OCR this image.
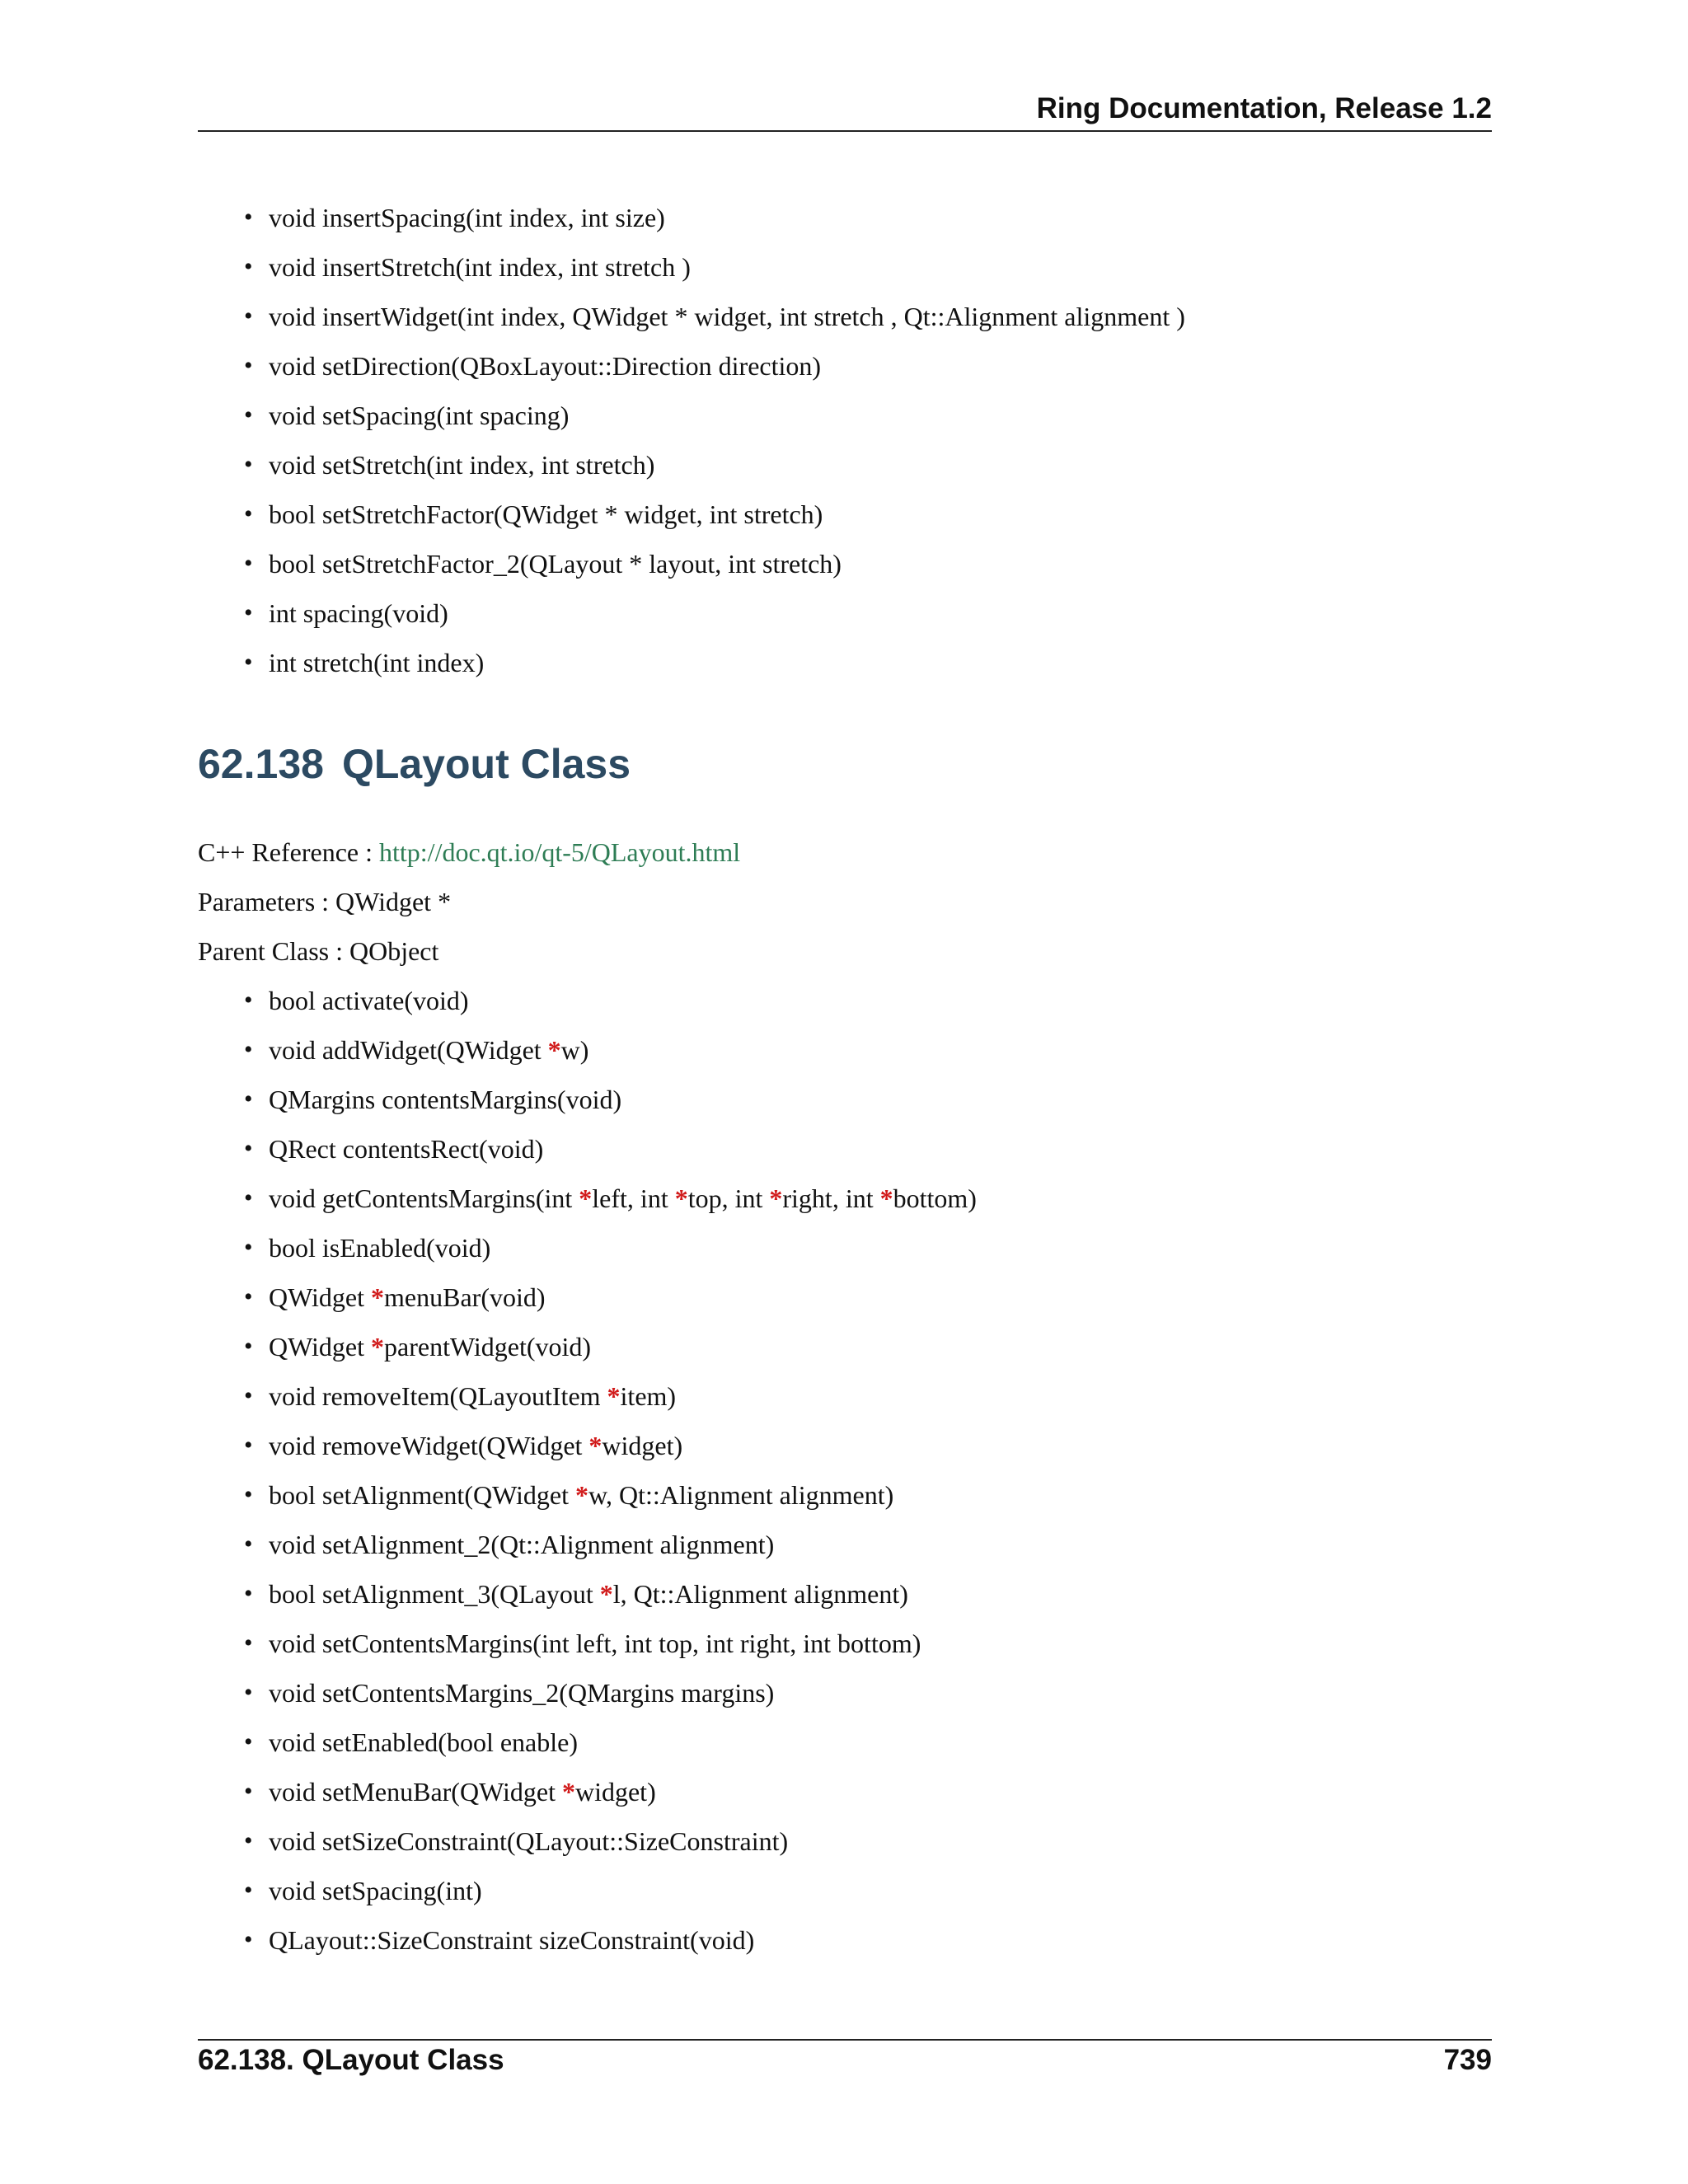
Ring Documentation, Release 1.2
• void insertSpacing(int index, int size)
• void insertStretch(int index, int stretch )
• void insertWidget(int index, QWidget * widget, int stretch , Qt::Alignment alignment )
• void setDirection(QBoxLayout::Direction direction)
• void setSpacing(int spacing)
• void setStretch(int index, int stretch)
• bool setStretchFactor(QWidget * widget, int stretch)
• bool setStretchFactor_2(QLayout * layout, int stretch)
• int spacing(void)
• int stretch(int index)
62.138 QLayout Class
C++ Reference : http://doc.qt.io/qt-5/QLayout.html
Parameters : QWidget *
Parent Class : QObject
• bool activate(void)
• void addWidget(QWidget *w)
• QMargins contentsMargins(void)
• QRect contentsRect(void)
• void getContentsMargins(int *left, int *top, int *right, int *bottom)
• bool isEnabled(void)
• QWidget *menuBar(void)
• QWidget *parentWidget(void)
• void removeItem(QLayoutItem *item)
• void removeWidget(QWidget *widget)
• bool setAlignment(QWidget *w, Qt::Alignment alignment)
• void setAlignment_2(Qt::Alignment alignment)
• bool setAlignment_3(QLayout *l, Qt::Alignment alignment)
• void setContentsMargins(int left, int top, int right, int bottom)
• void setContentsMargins_2(QMargins margins)
• void setEnabled(bool enable)
• void setMenuBar(QWidget *widget)
• void setSizeConstraint(QLayout::SizeConstraint)
• void setSpacing(int)
• QLayout::SizeConstraint sizeConstraint(void)
62.138. QLayout Class	739
